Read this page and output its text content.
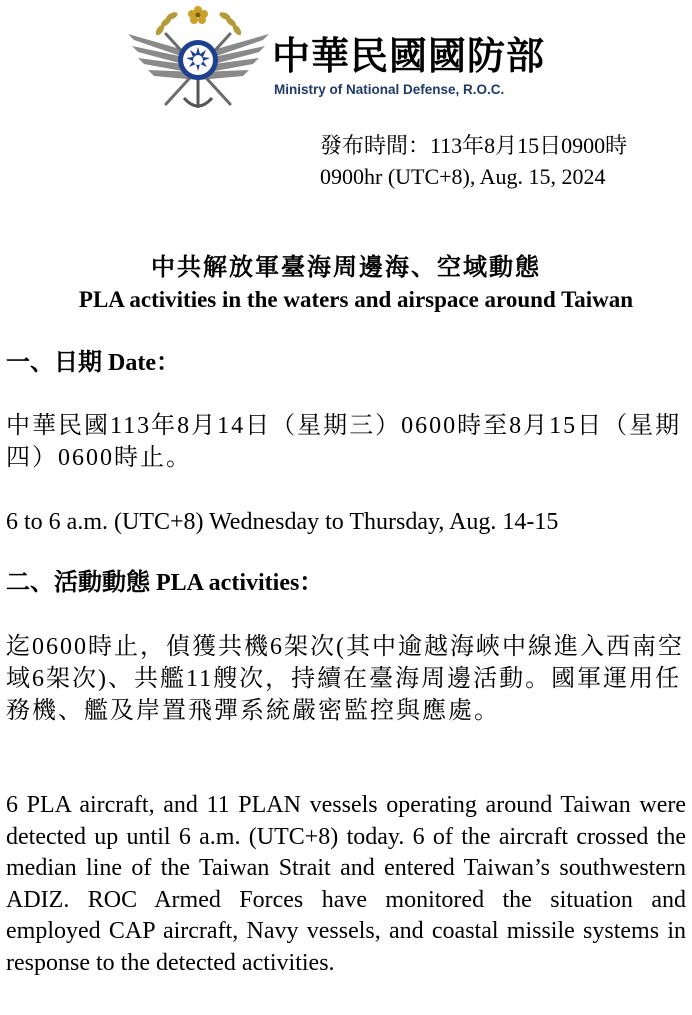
中華民國國防部
Ministry of National Defense, R.O.C.
發布時間：113年8月15日0900時
0900hr (UTC+8), Aug. 15, 2024
中共解放軍臺海周邊海、空域動態
PLA activities in the waters and airspace around Taiwan
一、日期 Date：
中華民國113年8月14日（星期三）0600時至8月15日（星期四）0600時止。
6 to 6 a.m. (UTC+8) Wednesday to Thursday, Aug. 14-15
二、活動動態 PLA activities：
迄0600時止，偵獲共機6架次(其中逾越海峽中線進入西南空域6架次)、共艦11艘次，持續在臺海周邊活動。國軍運用任務機、艦及岸置飛彈系統嚴密監控與應處。
6 PLA aircraft, and 11 PLAN vessels operating around Taiwan were detected up until 6 a.m. (UTC+8) today. 6 of the aircraft crossed the median line of the Taiwan Strait and entered Taiwan’s southwestern ADIZ. ROC Armed Forces have monitored the situation and employed CAP aircraft, Navy vessels, and coastal missile systems in response to the detected activities.
